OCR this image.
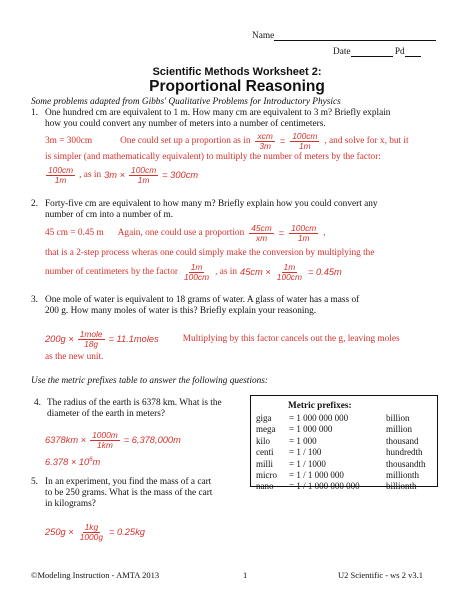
Name
Date	Pd
Scientific Methods Worksheet 2:
Proportional Reasoning
Some problems adapted from Gibbs' Qualitative Problems for Introductory Physics
1. One hundred cm are equivalent to 1 m. How many cm are equivalent to 3 m? Briefly explain
how you could convert any number of meters into a number of centimeters.
3m = 300cm	One could set up a proportion as in $\frac{\text{xcm}}{3m} = \frac{100cm}{1m}$ , and solve for x, but it
is simpler (and mathematically equivalent) to multiply the number of meters by the factor:
$\frac{100cm}{1m}$ , as in $3m \times \frac{100cm}{1m} = 300cm$
2. Forty-five cm are equivalent to how many m? Briefly explain how you could convert any
number of cm into a number of m.
45 cm = 0.45 m Again, one could use a proportion $\frac{45cm}{xm} = \frac{100cm}{1m}$ ,
that is a 2-step process wheras one could simply make the conversion by multiplying the
number of centimeters by the factor $\frac{1m}{100cm}$ , as in $45cm \times \frac{1m}{100cm} = 0.45m$
3. One mole of water is equivalent to 18 grams of water. A glass of water has a mass of
200 g. How many moles of water is this? Briefly explain your reasoning.
$200g \times \frac{\text{1mole}}{18g}$ = 11.1moles	Multiplying by this factor cancels out the g, leaving moles
as the new unit.
Use the metric prefixes table to answer the following questions:
4. The radius of the earth is 6378 km. What is the
diameter of the earth in meters?
$6378km \times \frac{1000m}{1km} = 6,378,000m$
$6.378 \times 10^6m$
5. In an experiment, you find the mass of a cart
to be 250 grams. What is the mass of the cart
in kilograms?
$250g \times \frac{1kg}{1000g} = 0.25kg$
Metric prefixes:
giga	= 1 000 000 000	billion
mega	= 1 000 000	million
kilo	= 1 000	thousand
centi	= 1 / 100	hundredth
milli	= 1 / 1000	thousandth
micro	= 1 / 1 000 000	millionth
nano	= 1 / 1 000 000 000	billionth
©Modeling Instruction - AMTA 2013	1	U2 Scientific - ws 2 v3.1
